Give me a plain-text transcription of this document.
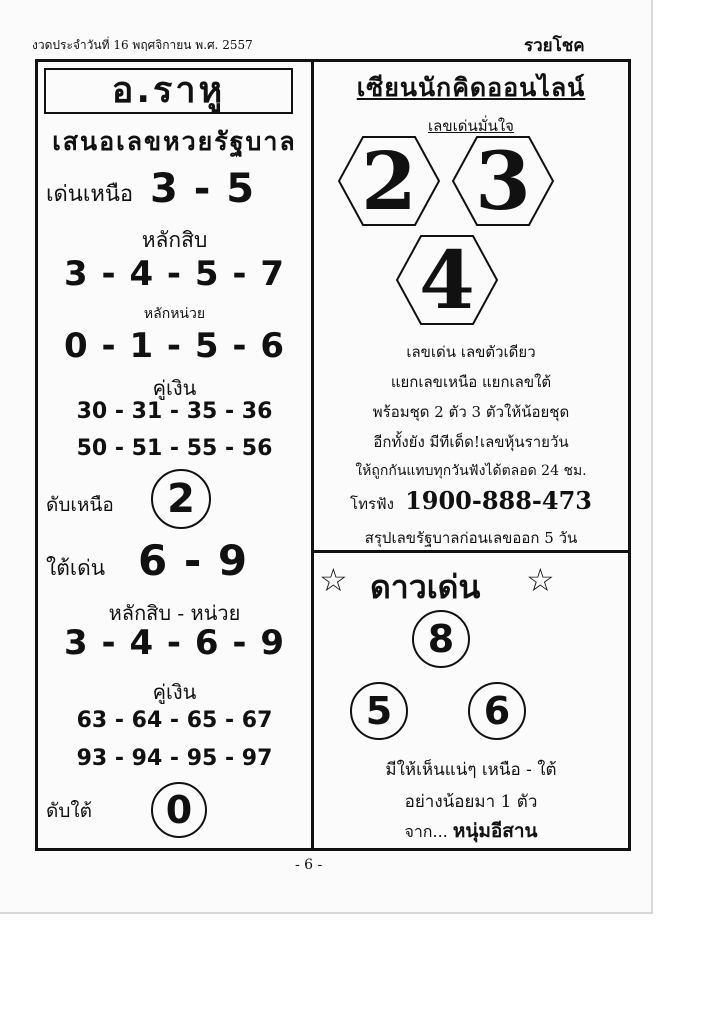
งวดประจำวันที่ 16 พฤศจิกายน พ.ศ. 2557	รวยโชค
อ.ราหู
เสนอเลขหวยรัฐบาล
เด่นเหนือ 3 - 5
หลักสิบ
3 - 4 - 5 - 7
หลักหน่วย
0 - 1 - 5 - 6
คู่เงิน
30 - 31 - 35 - 36
50 - 51 - 55 - 56
ดับเหนือ	2
ใต้เด่น 6 - 9
หลักสิบ - หน่วย
3 - 4 - 6 - 9
คู่เงิน
63 - 64 - 65 - 67
93 - 94 - 95 - 97
ดับใต้	0
เซียนนักคิดออนไลน์
เลขเด่นมั่นใจ
2 3
4
เลขเด่น เลขตัวเดียว
แยกเลขเหนือ แยกเลขใต้
พร้อมชุด 2 ตัว 3 ตัวให้น้อยชุด
อีกทั้งยัง มีทีเด็ด!เลขหุ้นรายวัน
ให้ถูกกันแทบทุกวันฟังได้ตลอด 24 ชม.
โทรฟัง 1900-888-473
สรุปเลขรัฐบาลก่อนเลขออก 5 วัน
☆ ดาวเด่น ☆
8
5	6
มีให้เห็นแน่ๆ เหนือ - ใต้
อย่างน้อยมา 1 ตัว
จาก... หนุ่มอีสาน
- 6 -
